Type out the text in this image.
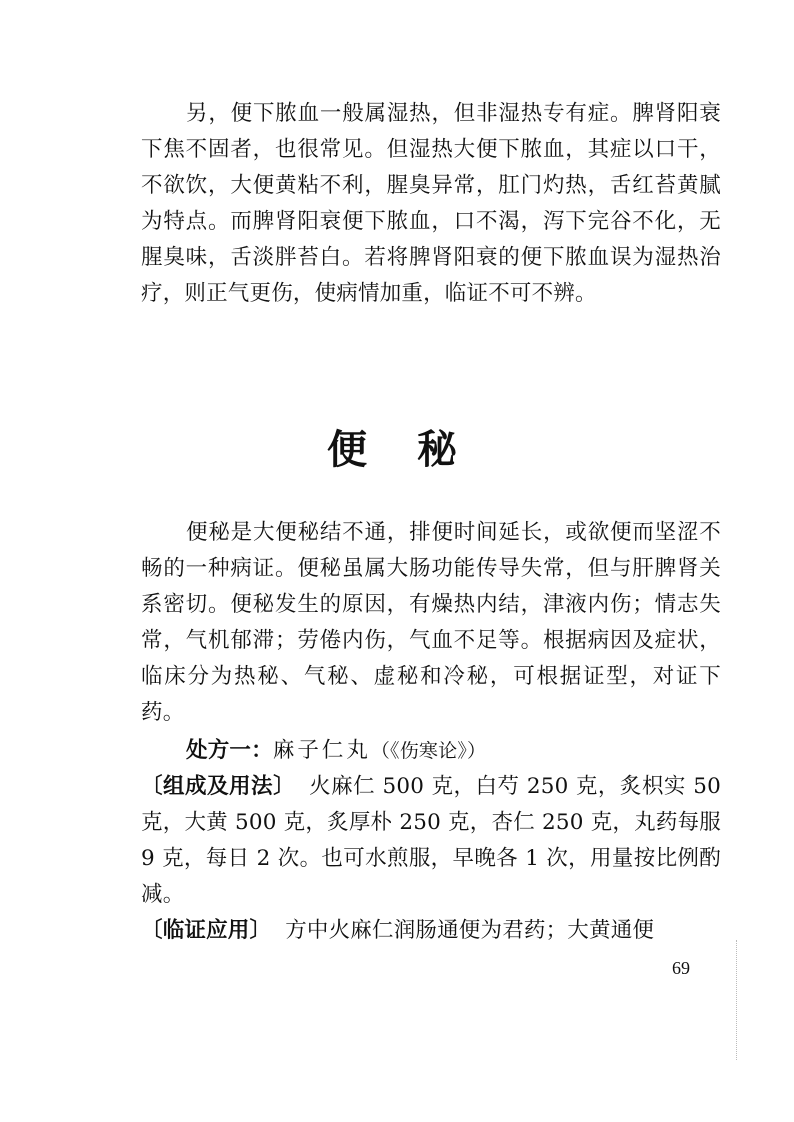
另，便下脓血一般属湿热，但非湿热专有症。脾肾阳衰下焦不固者，也很常见。但湿热大便下脓血，其症以口干，不欲饮，大便黄粘不利，腥臭异常，肛门灼热，舌红苔黄腻为特点。而脾肾阳衰便下脓血，口不渴，泻下完谷不化，无腥臭味，舌淡胖苔白。若将脾肾阳衰的便下脓血误为湿热治疗，则正气更伤，使病情加重，临证不可不辨。

便秘

便秘是大便秘结不通，排便时间延长，或欲便而坚涩不畅的一种病证。便秘虽属大肠功能传导失常，但与肝脾肾关系密切。便秘发生的原因，有燥热内结，津液内伤；情志失常，气机郁滞；劳倦内伤，气血不足等。根据病因及症状，临床分为热秘、气秘、虚秘和冷秘，可根据证型，对证下药。

处方一：麻子仁丸（《伤寒论》）

〔组成及用法〕 火麻仁 500 克，白芍 250 克，炙枳实 50 克，大黄 500 克，炙厚朴 250 克，杏仁 250 克，丸药每服 9 克，每日 2 次。也可水煎服，早晚各 1 次，用量按比例酌减。

〔临证应用〕 方中火麻仁润肠通便为君药；大黄通便

69
